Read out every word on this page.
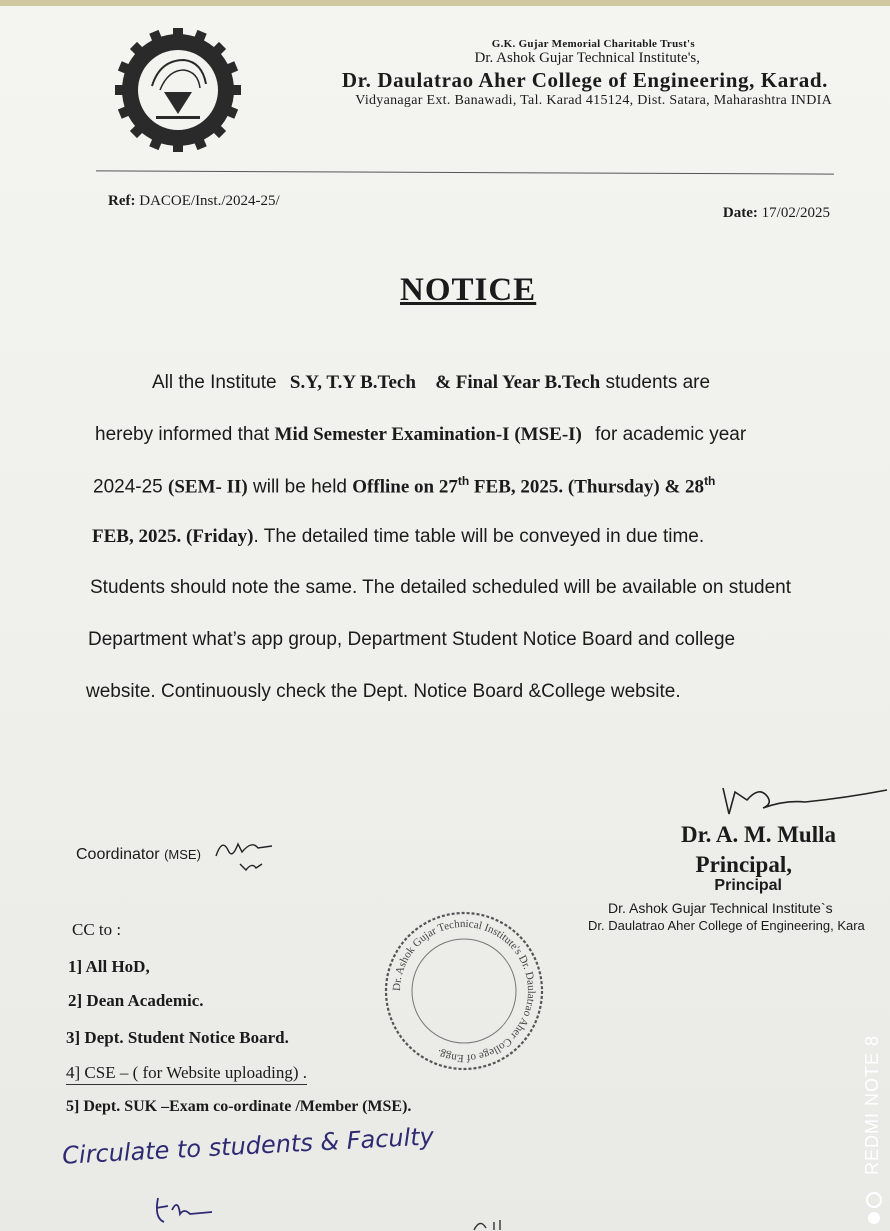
G.K. Gujar Memorial Charitable Trust's
Dr. Ashok Gujar Technical Institute's,
Dr. Daulatrao Aher College of Engineering, Karad.
Vidyanagar Ext. Banawadi, Tal. Karad 415124, Dist. Satara, Maharashtra INDIA
Ref: DACOE/Inst./2024-25/
Date: 17/02/2025
NOTICE
All the Institute S.Y, T.Y B.Tech & Final Year B.Tech students are
hereby informed that Mid Semester Examination-I (MSE-I) for academic year
2024-25 (SEM- II) will be held Offline on 27th FEB, 2025. (Thursday) & 28th
FEB, 2025. (Friday). The detailed time table will be conveyed in due time.
Students should note the same. The detailed scheduled will be available on student
Department what’s app group, Department Student Notice Board and college
website. Continuously check the Dept. Notice Board &College website.
Dr. A. M. Mulla
Principal,
Principal
Dr. Ashok Gujar Technical Institute`s
Dr. Daulatrao Aher College of Engineering, Kara
Coordinator (MSE)
CC to :
1] All HoD,
2] Dean Academic.
3] Dept. Student Notice Board.
4] CSE – ( for Website uploading) .
5] Dept. SUK –Exam co-ordinate /Member (MSE).
Dr. Ashok Gujar Technical Institute's Dr. Daulatrao Aher College of Engg.
Circulate to students & Faculty	REDMI NOTE 8
